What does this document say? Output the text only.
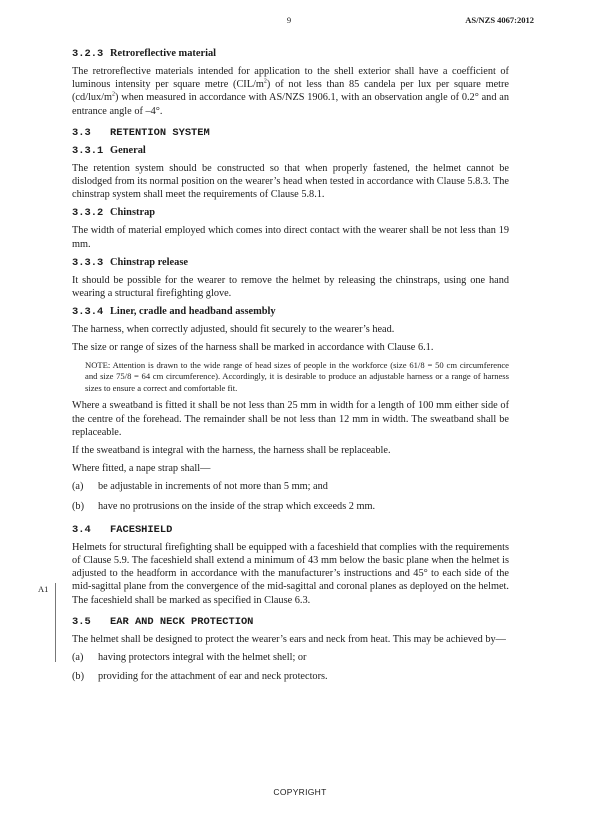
9	AS/NZS 4067:2012
A1
3.2.3 Retroreflective material
The retroreflective materials intended for application to the shell exterior shall have a coefficient of luminous intensity per square metre $(CIL/m^2)$ of not less than 85 candela per lux per square metre $(cd/lux/m^2)$ when measured in accordance with AS/NZS 1906.1, with an observation angle of 0.2° and an entrance angle of –4°.
3.3 RETENTION SYSTEM
3.3.1 General
The retention system should be constructed so that when properly fastened, the helmet cannot be dislodged from its normal position on the wearer’s head when tested in accordance with Clause 5.8.3. The chinstrap system shall meet the requirements of Clause 5.8.1.
3.3.2 Chinstrap
The width of material employed which comes into direct contact with the wearer shall be not less than 19 mm.
3.3.3 Chinstrap release
It should be possible for the wearer to remove the helmet by releasing the chinstraps, using one hand wearing a structural firefighting glove.
3.3.4 Liner, cradle and headband assembly
The harness, when correctly adjusted, should fit securely to the wearer’s head.
The size or range of sizes of the harness shall be marked in accordance with Clause 6.1.
NOTE: Attention is drawn to the wide range of head sizes of people in the workforce (size 61/8 = 50 cm circumference and size 75/8 = 64 cm circumference). Accordingly, it is desirable to produce an adjustable harness or a range of harness sizes to ensure a correct and comfortable fit.
Where a sweatband is fitted it shall be not less than 25 mm in width for a length of 100 mm either side of the centre of the forehead. The remainder shall be not less than 12 mm in width. The sweatband shall be replaceable.
If the sweatband is integral with the harness, the harness shall be replaceable.
Where fitted, a nape strap shall—
(a)	be adjustable in increments of not more than 5 mm; and
(b)	have no protrusions on the inside of the strap which exceeds 2 mm.
3.4 FACESHIELD
Helmets for structural firefighting shall be equipped with a faceshield that complies with the requirements of Clause 5.9. The faceshield shall extend a minimum of 43 mm below the basic plane when the helmet is adjusted to the headform in accordance with the manufacturer’s instructions and 45° to each side of the mid-sagittal plane from the convergence of the mid-sagittal and coronal planes as deployed on the helmet. The faceshield shall be marked as specified in Clause 6.3.
3.5 EAR AND NECK PROTECTION
The helmet shall be designed to protect the wearer’s ears and neck from heat. This may be achieved by—
(a)	having protectors integral with the helmet shell; or
(b)	providing for the attachment of ear and neck protectors.
COPYRIGHT
